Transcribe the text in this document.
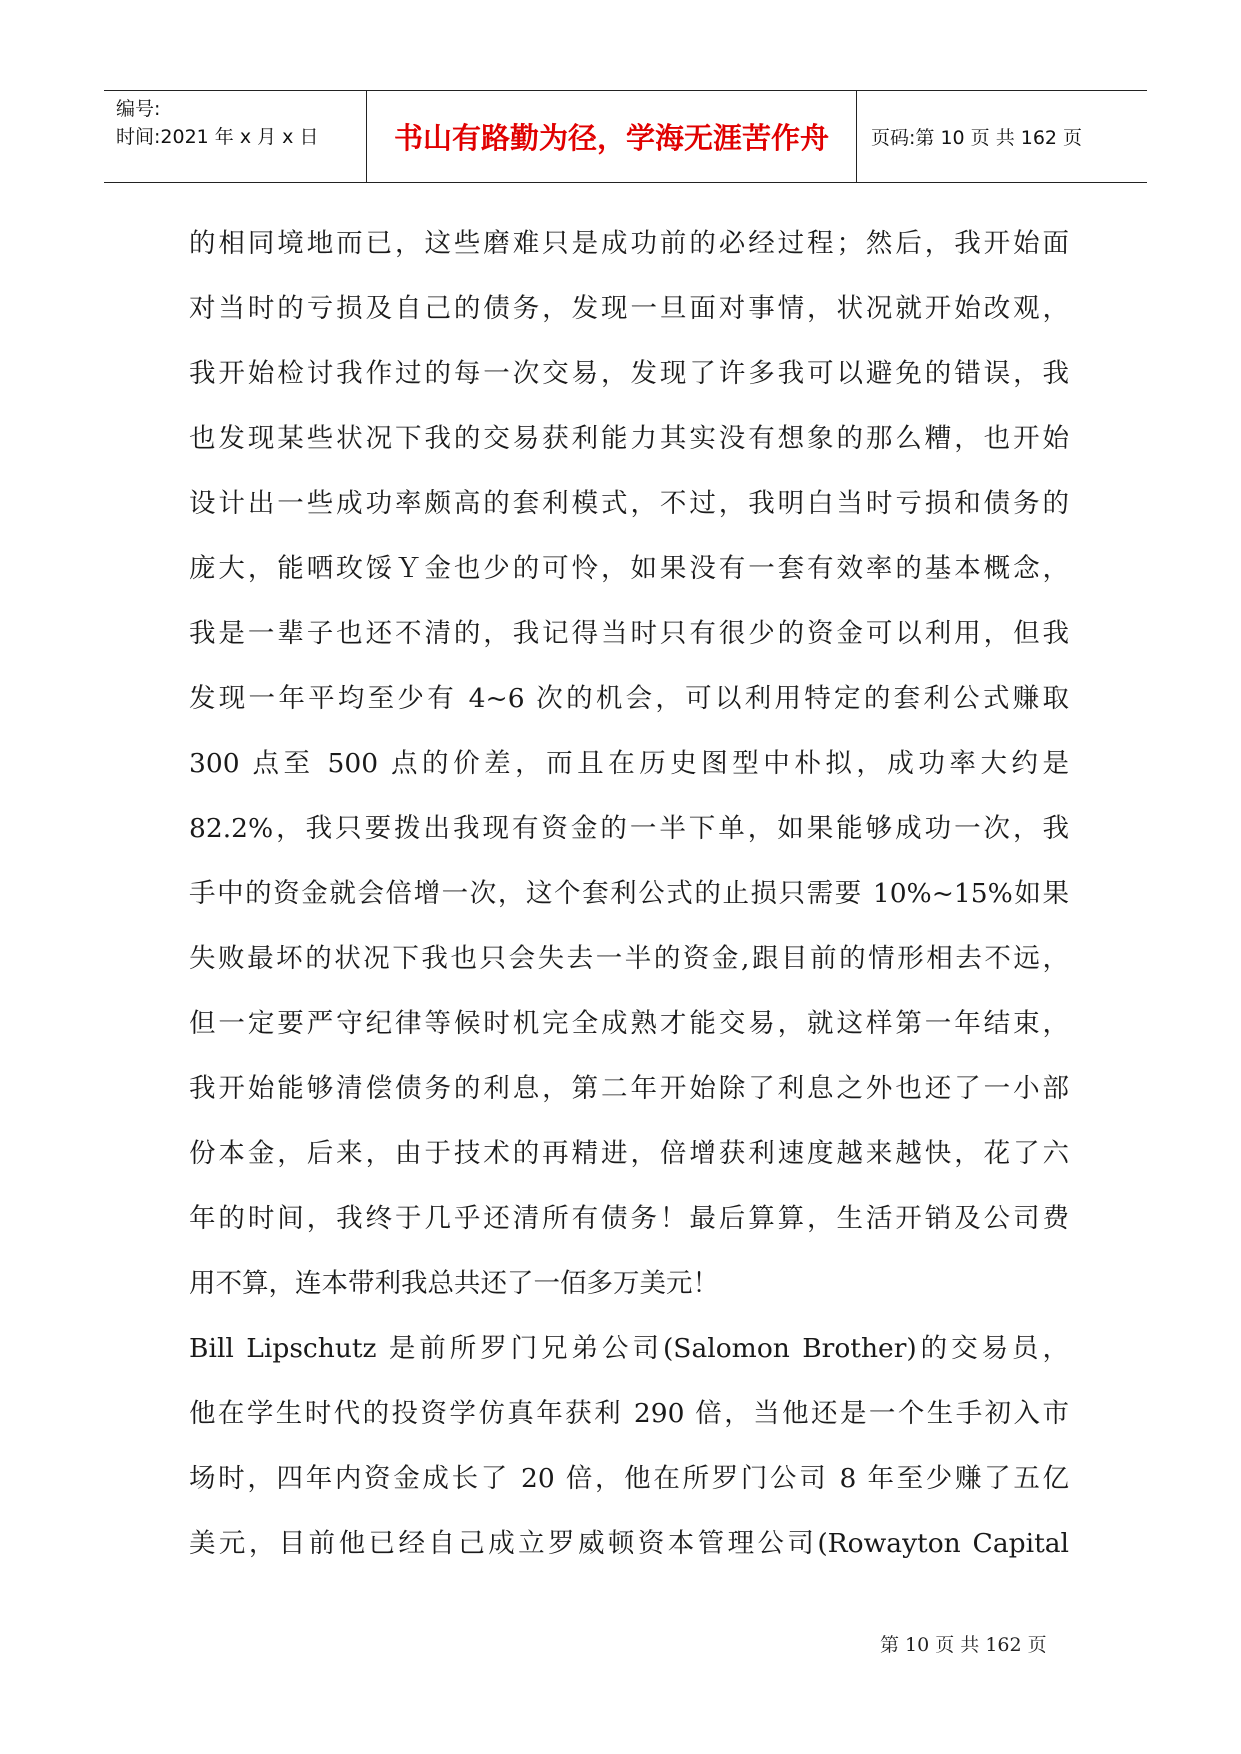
编号:
时间:2021 年 x 月 x 日	书山有路勤为径，学海无涯苦作舟	页码:第 10 页 共 162 页
的相同境地而已，这些磨难只是成功前的必经过程；然后，我开始面
对当时的亏损及自己的债务，发现一旦面对事情，状况就开始改观，
我开始检讨我作过的每一次交易，发现了许多我可以避免的错误，我
也发现某些状况下我的交易获利能力其实没有想象的那么糟，也开始
设计出一些成功率颇高的套利模式，不过，我明白当时亏损和债务的
庞大，能哂玫馁Ｙ金也少的可怜，如果没有一套有效率的基本概念，
我是一辈子也还不清的，我记得当时只有很少的资金可以利用，但我
发现一年平均至少有 4~6 次的机会，可以利用特定的套利公式赚取
300 点至 500 点的价差，而且在历史图型中朴拟，成功率大约是
82.2%，我只要拨出我现有资金的一半下单，如果能够成功一次，我
手中的资金就会倍增一次，这个套利公式的止损只需要 10%~15%如果
失败最坏的状况下我也只会失去一半的资金,跟目前的情形相去不远，
但一定要严守纪律等候时机完全成熟才能交易，就这样第一年结束，
我开始能够清偿债务的利息，第二年开始除了利息之外也还了一小部
份本金，后来，由于技术的再精进，倍增获利速度越来越快，花了六
年的时间，我终于几乎还清所有债务！最后算算，生活开销及公司费
用不算，连本带利我总共还了一佰多万美元！
Bill Lipschutz 是前所罗门兄弟公司(Salomon Brother)的交易员，
他在学生时代的投资学仿真年获利 290 倍，当他还是一个生手初入市
场时，四年内资金成长了 20 倍，他在所罗门公司 8 年至少赚了五亿
美元，目前他已经自己成立罗威顿资本管理公司(Rowayton Capital
第 10 页 共 162 页
